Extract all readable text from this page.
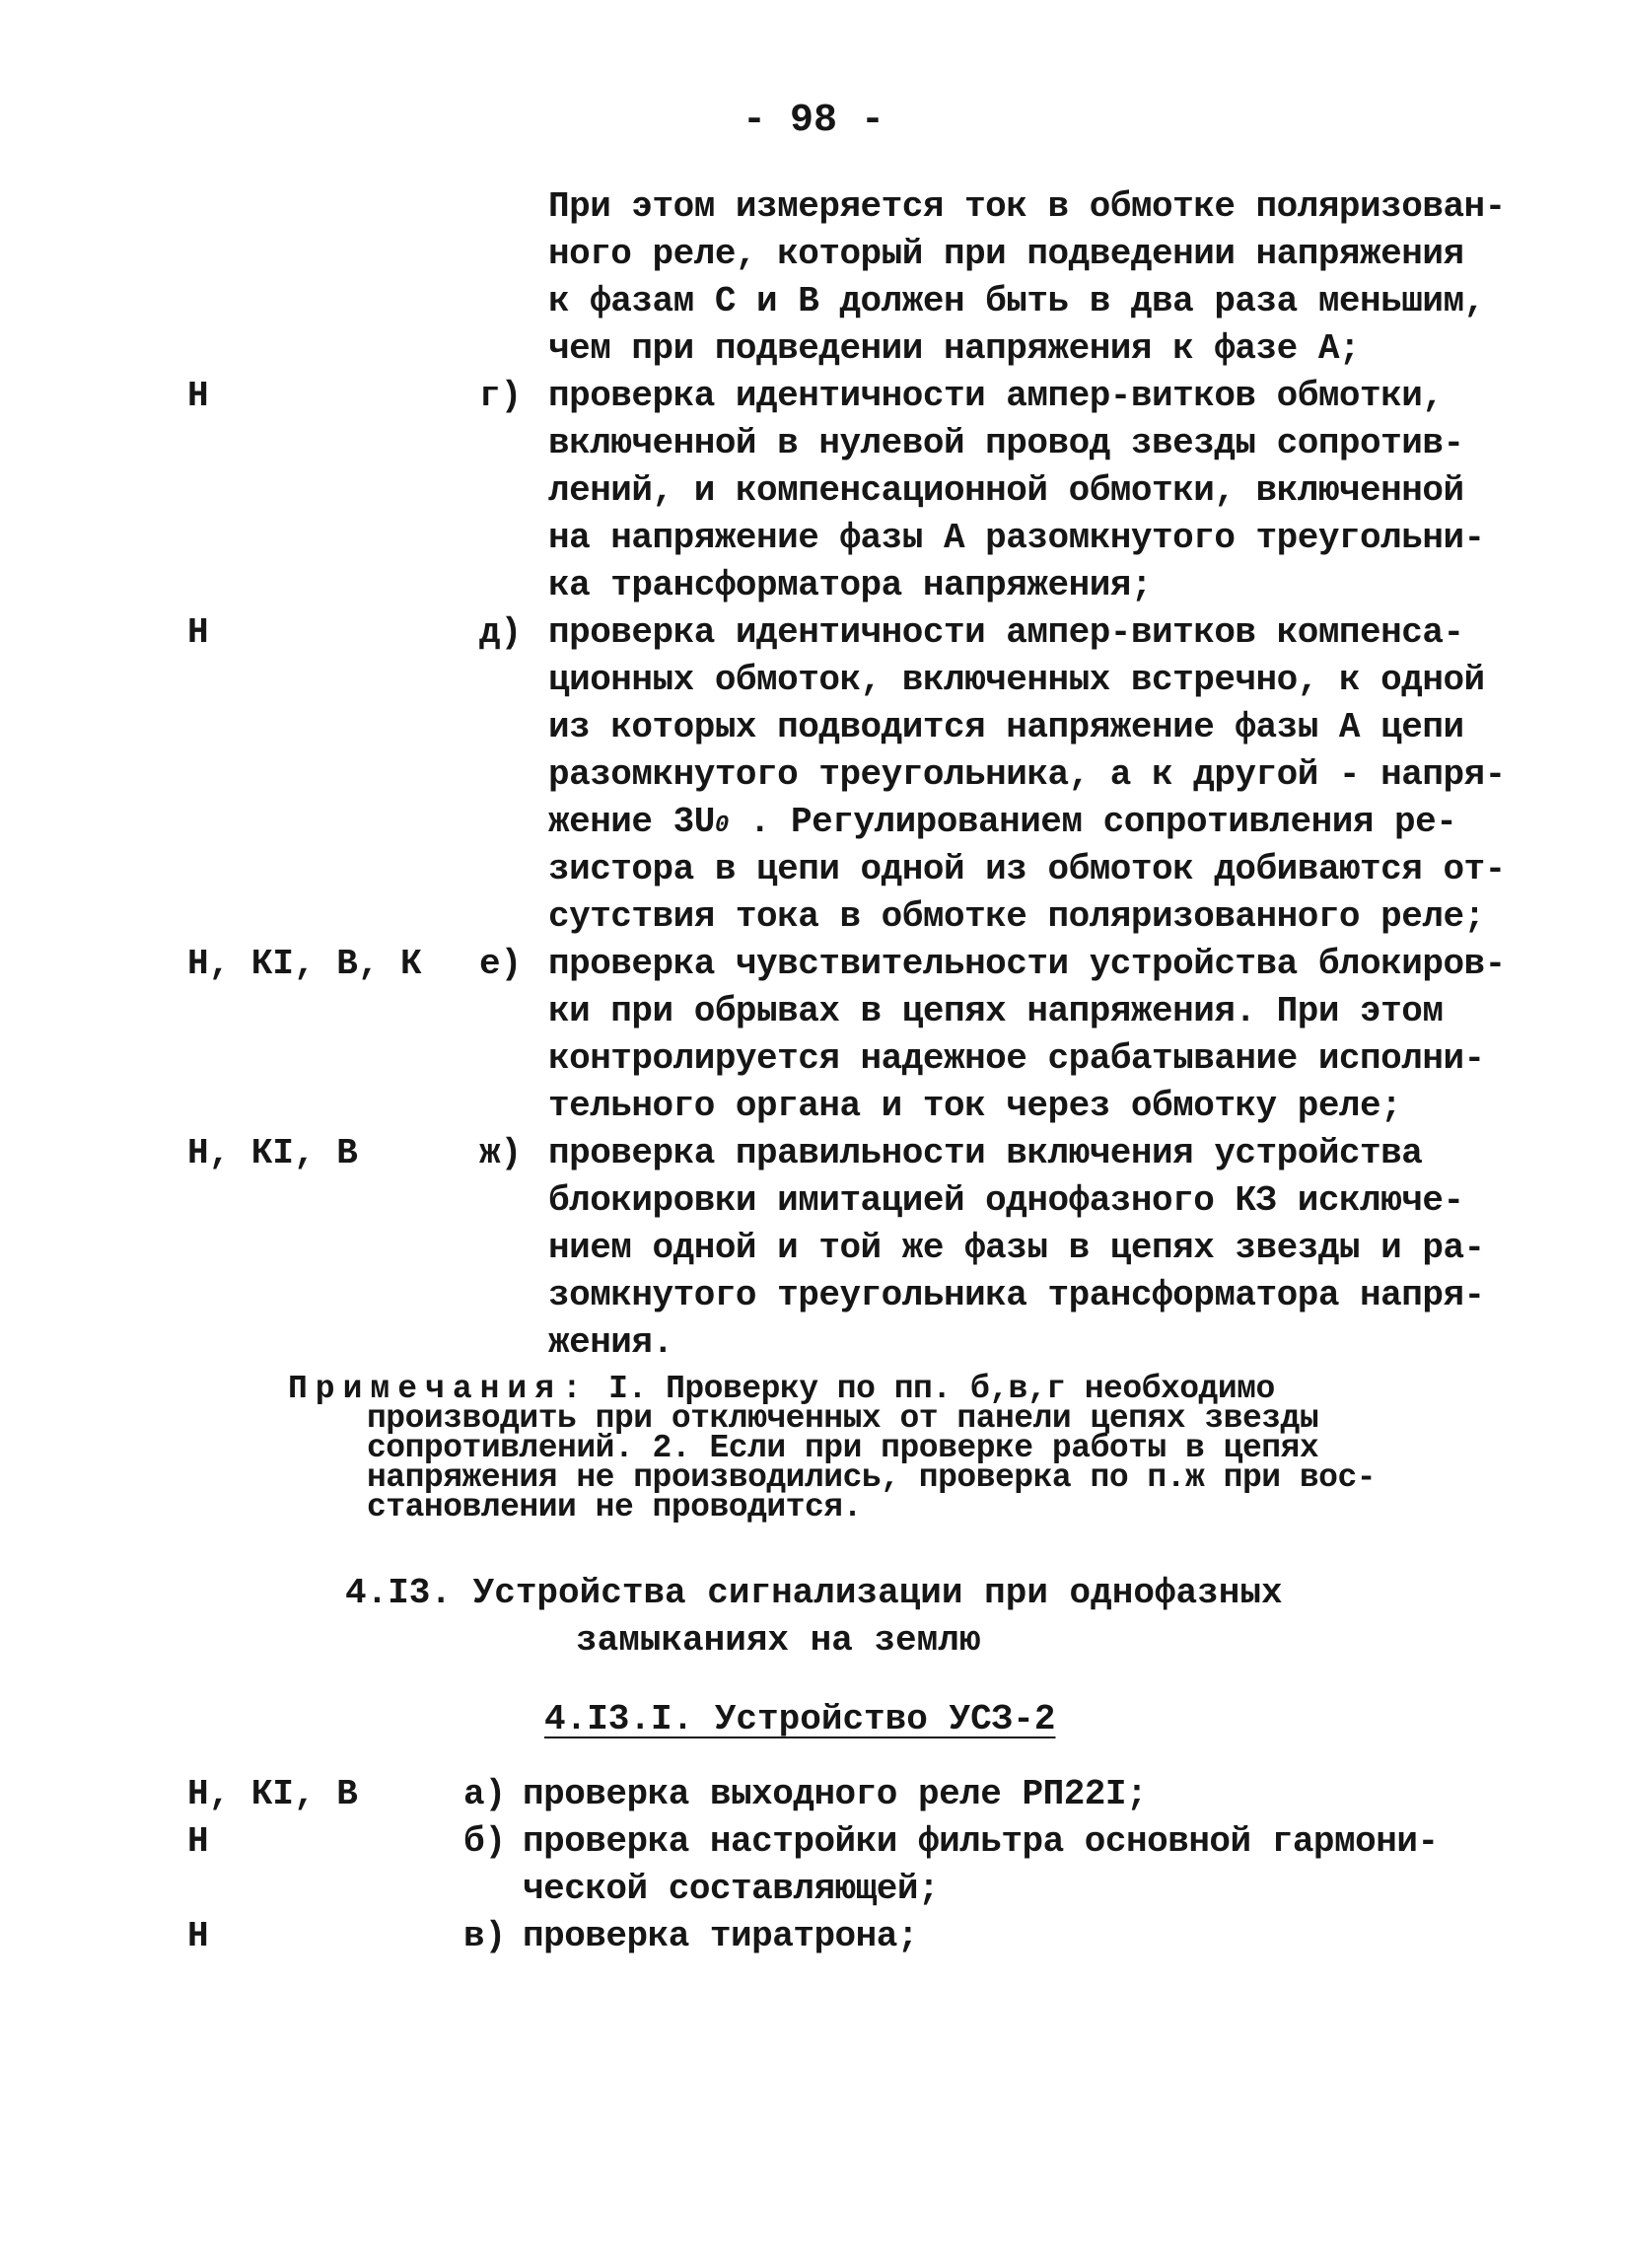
- 98 -
При этом измеряется ток в обмотке поляризован-
ного реле, который при подведении напряжения
к фазам С и В должен быть в два раза меньшим,
чем при подведении напряжения к фазе А;
Н	г) проверка идентичности ампер-витков обмотки,
включенной в нулевой провод звезды сопротив-
лений, и компенсационной обмотки, включенной
на напряжение фазы А разомкнутого треугольни-
ка трансформатора напряжения;
Н	д) проверка идентичности ампер-витков компенса-
ционных обмоток, включенных встречно, к одной
из которых подводится напряжение фазы А цепи
разомкнутого треугольника, а к другой - напря-
жение 3U0 . Регулированием сопротивления ре-
зистора в цепи одной из обмоток добиваются от-
сутствия тока в обмотке поляризованного реле;
Н, КI, В, К е) проверка чувствительности устройства блокиров-
ки при обрывах в цепях напряжения. При этом
контролируется надежное срабатывание исполни-
тельного органа и ток через обмотку реле;
Н, КI, В	ж) проверка правильности включения устройства
блокировки имитацией однофазного КЗ исключе-
нием одной и той же фазы в цепях звезды и ра-
зомкнутого треугольника трансформатора напря-
жения.
Примечания: I. Проверку по пп. б,в,г необходимо
производить при отключенных от панели цепях звезды
сопротивлений. 2. Если при проверке работы в цепях
напряжения не производились, проверка по п.ж при вос-
становлении не проводится.
4.I3. Устройства сигнализации при однофазных
замыканиях на землю
4.I3.I. Устройство УСЗ-2
Н, КI, В	а) проверка выходного реле РП22I;
Н	б) проверка настройки фильтра основной гармони-
ческой составляющей;
Н	в) проверка тиратрона;
